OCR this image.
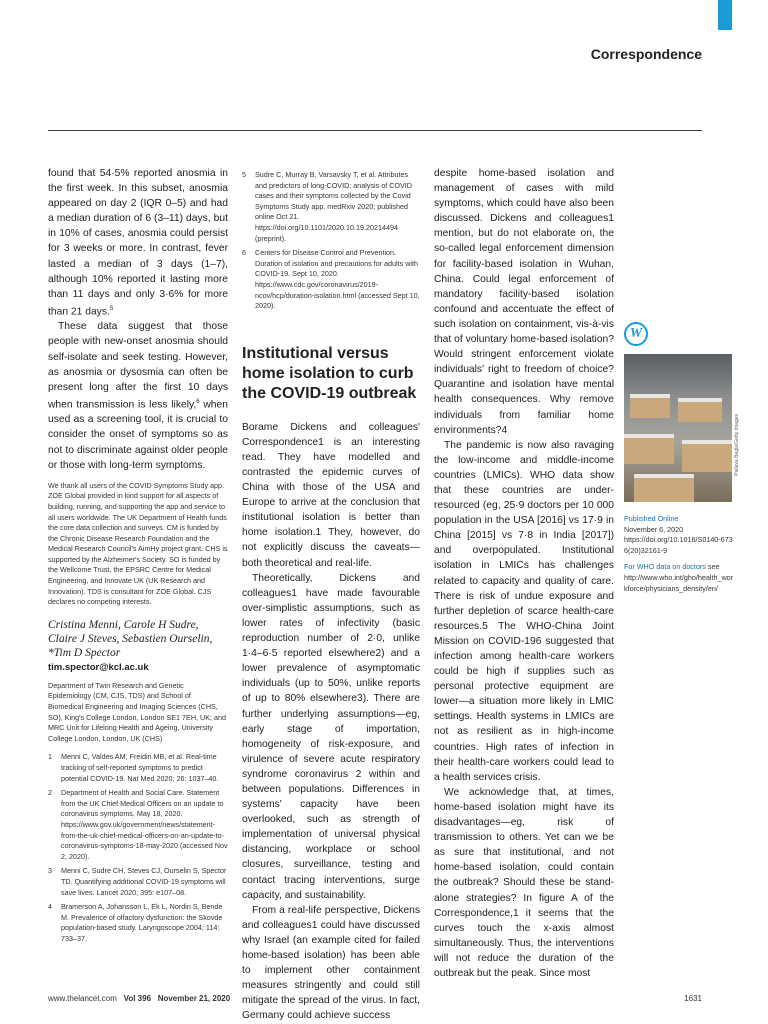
Correspondence

found that 54·5% reported anosmia in the first week. In this subset, anosmia appeared on day 2 (IQR 0–5) and had a median duration of 6 (3–11) days, but in 10% of cases, anosmia could persist for 3 weeks or more. In contrast, fever lasted a median of 3 days (1–7), although 10% reported it lasting more than 11 days and only 3·6% for more than 21 days.$^5$

These data suggest that those people with new-onset anosmia should self-isolate and seek testing. However, as anosmia or dysosmia can often be present long after the first 10 days when transmission is less likely,$^6$ when used as a screening tool, it is crucial to consider the onset of symptoms so as not to discriminate against older people or those with long-term symptoms.

We thank all users of the COVID Symptoms Study app. ZOE Global provided in kind support for all aspects of building, running, and supporting the app and service to all users worldwide. The UK Department of Health funds the core data collection and surveys. CM is funded by the Chronic Disease Research Foundation and the Medical Research Council's AimHy project grant. CHS is supported by the Alzheimer's Society. SO is funded by the Wellcome Trust, the EPSRC Centre for Medical Engineering, and Innovate UK (UK Research and Innovation). TDS is consultant for ZOE Global. CJS declares no competing interests.

Cristina Menni, Carole H Sudre, Claire J Steves, Sebastien Ourselin, *Tim D Spector

tim.spector@kcl.ac.uk

Department of Twin Research and Genetic Epidemiology (CM, CJS, TDS) and School of Biomedical Engineering and Imaging Sciences (CHS, SO), King's College London, London SE1 7EH, UK; and MRC Unit for Lifelong Health and Ageing, University College London, London, UK (CHS)

1	Menni C, Valdes AM, Freidin MB, et al. Real-time tracking of self-reported symptoms to predict potential COVID-19. Nat Med 2020; 26: 1037–40.
2	Department of Health and Social Care. Statement from the UK Chief Medical Officers on an update to coronavirus symptoms. May 18, 2020. https://www.gov.uk/government/news/statement-from-the-uk-chief-medical-officers-on-an-update-to-coronavirus-symptoms-18-may-2020 (accessed Nov 2, 2020).
3	Menni C, Sudre CH, Steves CJ, Ourselin S, Spector TD. Quantifying additional COVID-19 symptoms will save lives. Lancet 2020; 395: e107–08.
4	Bramerson A, Johansson L, Ek L, Nordin S, Bende M. Prevalence of olfactory dysfunction: the Skovde population-based study. Laryngoscope 2004; 114: 733–37.
5	Sudre C, Murray B, Varsavsky T, et al. Attributes and predictors of long-COVID: analysis of COVID cases and their symptoms collected by the Covid Symptoms Study app. medRxiv 2020; published online Oct 21. https://doi.org/10.1101/2020.10.19.20214494 (preprint).
6	Centers for Disease Control and Prevention. Duration of isolation and precautions for adults with COVID-19. Sept 10, 2020. https://www.cdc.gov/coronavirus/2019-ncov/hcp/duration-isolation.html (accessed Sept 10, 2020).
Institutional versus home isolation to curb the COVID-19 outbreak

Borame Dickens and colleagues' Correspondence1 is an interesting read. They have modelled and contrasted the epidemic curves of China with those of the USA and Europe to arrive at the conclusion that institutional isolation is better than home isolation.1 They, however, do not explicitly discuss the caveats—both theoretical and real-life.

Theoretically, Dickens and colleagues1 have made favourable over-simplistic assumptions, such as lower rates of infectivity (basic reproduction number of 2·0, unlike 1·4–6·5 reported elsewhere2) and a lower prevalence of asymptomatic individuals (up to 50%, unlike reports of up to 80% elsewhere3). There are further underlying assumptions—eg, early stage of importation, homogeneity of risk-exposure, and virulence of severe acute respiratory syndrome coronavirus 2 within and between populations. Differences in systems' capacity have been overlooked, such as strength of implementation of universal physical distancing, workplace or school closures, surveillance, testing and contact tracing interventions, surge capacity, and sustainability.

From a real-life perspective, Dickens and colleagues1 could have discussed why Israel (an example cited for failed home-based isolation) has been able to implement other containment measures stringently and could still mitigate the spread of the virus. In fact, Germany could achieve success

despite home-based isolation and management of cases with mild symptoms, which could have also been discussed. Dickens and colleagues1 mention, but do not elaborate on, the so-called legal enforcement dimension for facility-based isolation in Wuhan, China. Could legal enforcement of mandatory facility-based isolation confound and accentuate the effect of such isolation on containment, vis-à-vis that of voluntary home-based isolation? Would stringent enforcement violate individuals' right to freedom of choice? Quarantine and isolation have mental health consequences. Why remove individuals from familiar home environments?4

The pandemic is now also ravaging the low-income and middle-income countries (LMICs). WHO data show that these countries are under-resourced (eg, 25·9 doctors per 10 000 population in the USA [2016] vs 17·9 in China [2015] vs 7·8 in India [2017]) and overpopulated. Institutional isolation in LMICs has challenges related to capacity and quality of care. There is risk of undue exposure and further depletion of scarce health-care resources.5 The WHO-China Joint Mission on COVID-196 suggested that infection among health-care workers could be high if supplies such as personal protective equipment are lower—a situation more likely in LMIC settings. Health systems in LMICs are not as resilient as in high-income countries. High rates of infection in their health-care workers could lead to a health services crisis.

We acknowledge that, at times, home-based isolation might have its disadvantages—eg, risk of transmission to others. Yet can we be as sure that institutional, and not home-based isolation, could contain the outbreak? Should these be stand-alone strategies? In figure A of the Correspondence,1 it seems that the curves touch the x-axis almost simultaneously. Thus, the interventions will not reduce the duration of the outbreak but the peak. Since most

W
Pallava Bagla/Getty Images

Published Online
November 6, 2020
https://doi.org/10.1016/S0140-6736(20)32161-9

For WHO data on doctors see
http://www.who.int/gho/health_workforce/physicians_density/en/

www.thelancet.com Vol 396 November 21, 2020	1631
